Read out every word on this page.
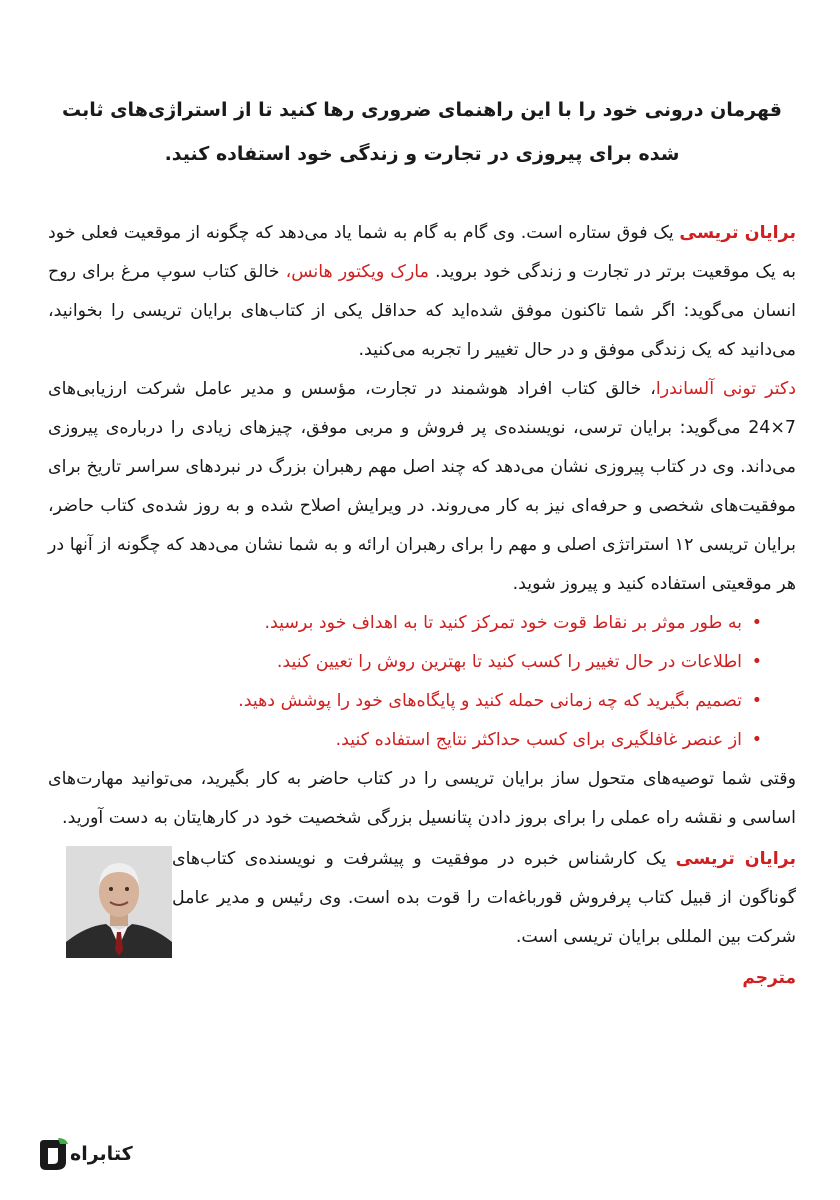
قهرمان درونی خود را با این راهنمای ضروری رها کنید تا از استراژی‌های ثابت شده برای پیروزی در تجارت و زندگی خود استفاده کنید.

برایان تریسی یک فوق ستاره است. وی گام به گام به شما یاد می‌دهد که چگونه از موقعیت فعلی خود به یک موقعیت برتر در تجارت و زندگی خود بروید. مارک ویکتور هانس، خالق کتاب سوپ مرغ برای روح انسان می‌گوید: اگر شما تاکنون موفق شده‌اید که حداقل یکی از کتاب‌های برایان تریسی را بخوانید، می‌دانید که یک زندگی موفق و در حال تغییر را تجربه می‌کنید.

دکتر تونی آلساندرا، خالق کتاب افراد هوشمند در تجارت، مؤسس و مدیر عامل شرکت ارزیابی‌های 7×24 می‌گوید: برایان ترسی، نویسنده‌ی پر فروش و مربی موفق، چیزهای زیادی را درباره‌ی پیروزی می‌داند. وی در کتاب پیروزی نشان می‌دهد که چند اصل مهم رهبران بزرگ در نبردهای سراسر تاریخ برای موفقیت‌های شخصی و حرفه‌ای نیز به کار می‌روند. در ویرایش اصلاح شده و به روز شده‌ی کتاب حاضر، برایان تریسی ۱۲ استراتژی اصلی و مهم را برای رهبران ارائه و به شما نشان می‌دهد که چگونه از آنها در هر موقعیتی استفاده کنید و پیروز شوید.

•
به طور موثر بر نقاط قوت خود تمرکز کنید تا به اهداف خود برسید.
•
اطلاعات در حال تغییر را کسب کنید تا بهترین روش را تعیین کنید.
•
تصمیم بگیرید که چه زمانی حمله کنید و پایگاه‌های خود را پوشش دهید.
•
از عنصر غافلگیری برای کسب حداکثر نتایج استفاده کنید.

وقتی شما توصیه‌های متحول ساز برایان تریسی را در کتاب حاضر به کار بگیرید، می‌توانید مهارت‌های اساسی و نقشه راه عملی را برای بروز دادن پتانسیل بزرگی شخصیت خود در کارهایتان به دست آورید.

برایان تریسی یک کارشناس خبره در موفقیت و پیشرفت و نویسنده‌ی کتاب‌های گوناگون از قبیل کتاب پرفروش قورباغه‌ات را قوت بده است. وی رئیس و مدیر عامل شرکت بین المللی برایان تریسی است.

مترجم
کتابراه
